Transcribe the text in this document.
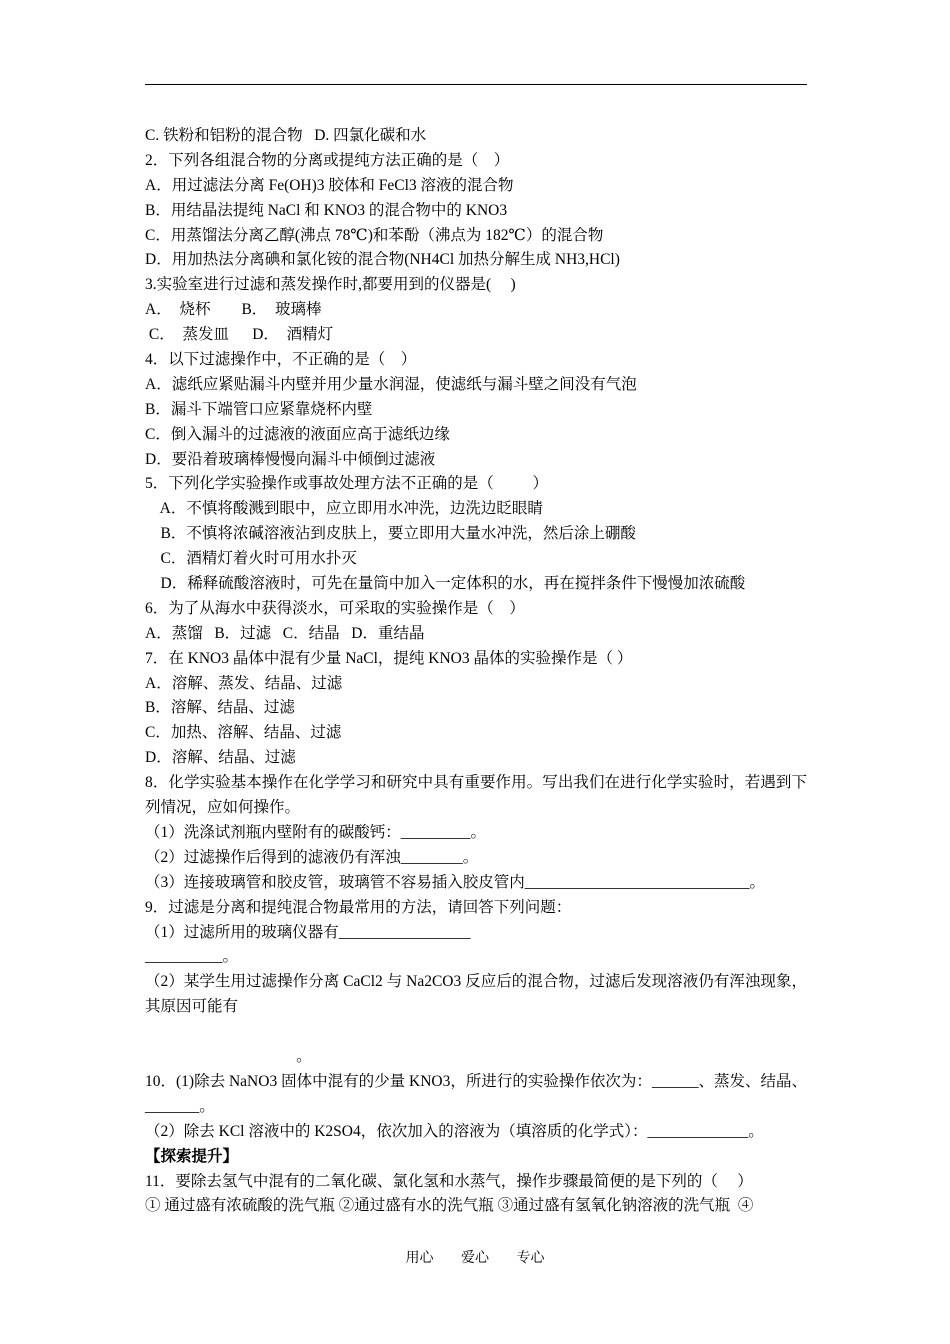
C. 铁粉和铝粉的混合物   D. 四氯化碳和水
2．下列各组混合物的分离或提纯方法正确的是（    ）
A．用过滤法分离 Fe(OH)3 胶体和 FeCl3 溶液的混合物
B．用结晶法提纯 NaCl 和 KNO3 的混合物中的 KNO3
C．用蒸馏法分离乙醇(沸点 78℃)和苯酚（沸点为 182℃）的混合物
D．用加热法分离碘和氯化铵的混合物(NH4Cl 加热分解生成 NH3,HCl)
3.实验室进行过滤和蒸发操作时,都要用到的仪器是(     )
A．  烧杯        B．  玻璃棒
C．  蒸发皿      D．  酒精灯
4．以下过滤操作中，不正确的是（    ）
A．滤纸应紧贴漏斗内壁并用少量水润湿，使滤纸与漏斗壁之间没有气泡
B．漏斗下端管口应紧靠烧杯内壁
C．倒入漏斗的过滤液的液面应高于滤纸边缘
D．要沿着玻璃棒慢慢向漏斗中倾倒过滤液
5．下列化学实验操作或事故处理方法不正确的是（          ）
A．不慎将酸溅到眼中，应立即用水冲洗，边洗边眨眼睛
B．不慎将浓碱溶液沾到皮肤上，要立即用大量水冲洗，然后涂上硼酸
C．酒精灯着火时可用水扑灭
D．稀释硫酸溶液时，可先在量筒中加入一定体积的水，再在搅拌条件下慢慢加浓硫酸
6．为了从海水中获得淡水，可采取的实验操作是（    ）
A．蒸馏   B．过滤   C．结晶   D．重结晶
7．在 KNO3 晶体中混有少量 NaCl，提纯 KNO3 晶体的实验操作是（ ）
A．溶解、蒸发、结晶、过滤
B．溶解、结晶、过滤
C．加热、溶解、结晶、过滤
D．溶解、结晶、过滤
8．化学实验基本操作在化学学习和研究中具有重要作用。写出我们在进行化学实验时，若遇到下列情况，应如何操作。
（1）洗涤试剂瓶内壁附有的碳酸钙：_________。
（2）过滤操作后得到的滤液仍有浑浊________。
（3）连接玻璃管和胶皮管，玻璃管不容易插入胶皮管内_____________________________。
9．过滤是分离和提纯混合物最常用的方法，请回答下列问题：
（1）过滤所用的玻璃仪器有_________________
__________。
（2）某学生用过滤操作分离 CaCl2 与 Na2CO3 反应后的混合物，过滤后发现溶液仍有浑浊现象，其原因可能有
。
10．(1)除去 NaNO3 固体中混有的少量 KNO3，所进行的实验操作依次为：______、蒸发、结晶、_______。
（2）除去 KCl 溶液中的 K2SO4，依次加入的溶液为（填溶质的化学式）：_____________。
【探索提升】
11．要除去氢气中混有的二氧化碳、氯化氢和水蒸气，操作步骤最简便的是下列的（     ）
① 通过盛有浓硫酸的洗气瓶 ②通过盛有水的洗气瓶 ③通过盛有氢氧化钠溶液的洗气瓶  ④
用心 爱心 专心
